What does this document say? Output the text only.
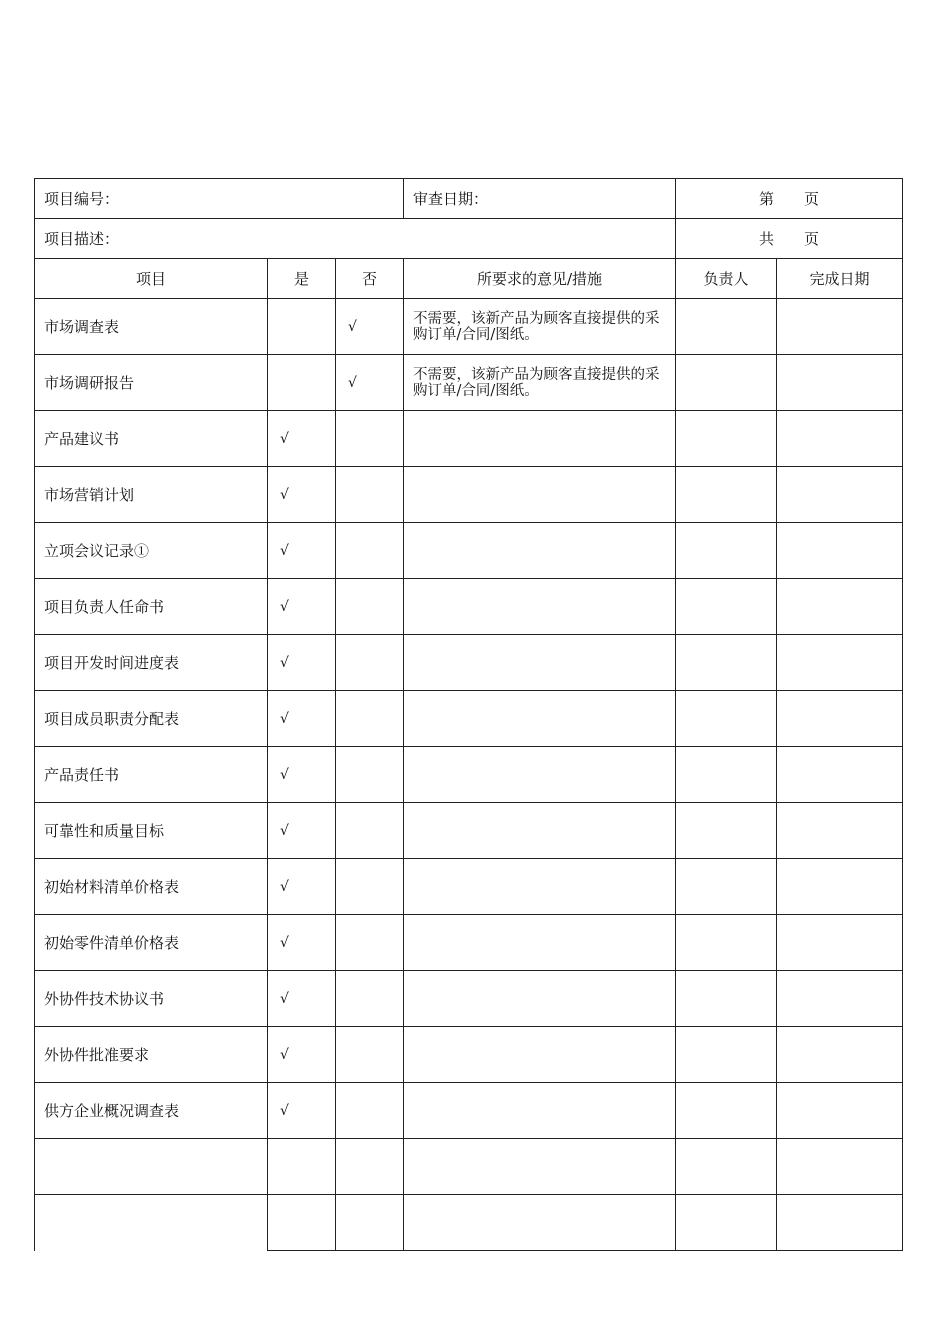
项目编号：			审查日期：	第 页	
项目描述：				共 页	
项目	是	否	所要求的意见/措施	负责人	完成日期
市场调查表		√	不需要，该新产品为顾客直接提供的采购订单/合同/图纸。		
市场调研报告		√	不需要，该新产品为顾客直接提供的采购订单/合同/图纸。		
产品建议书	√				
市场营销计划	√				
立项会议记录①	√				
项目负责人任命书	√				
项目开发时间进度表	√				
项目成员职责分配表	√				
产品责任书	√				
可靠性和质量目标	√				
初始材料清单价格表	√				
初始零件清单价格表	√				
外协件技术协议书	√				
外协件批准要求	√				
供方企业概况调查表	√				
